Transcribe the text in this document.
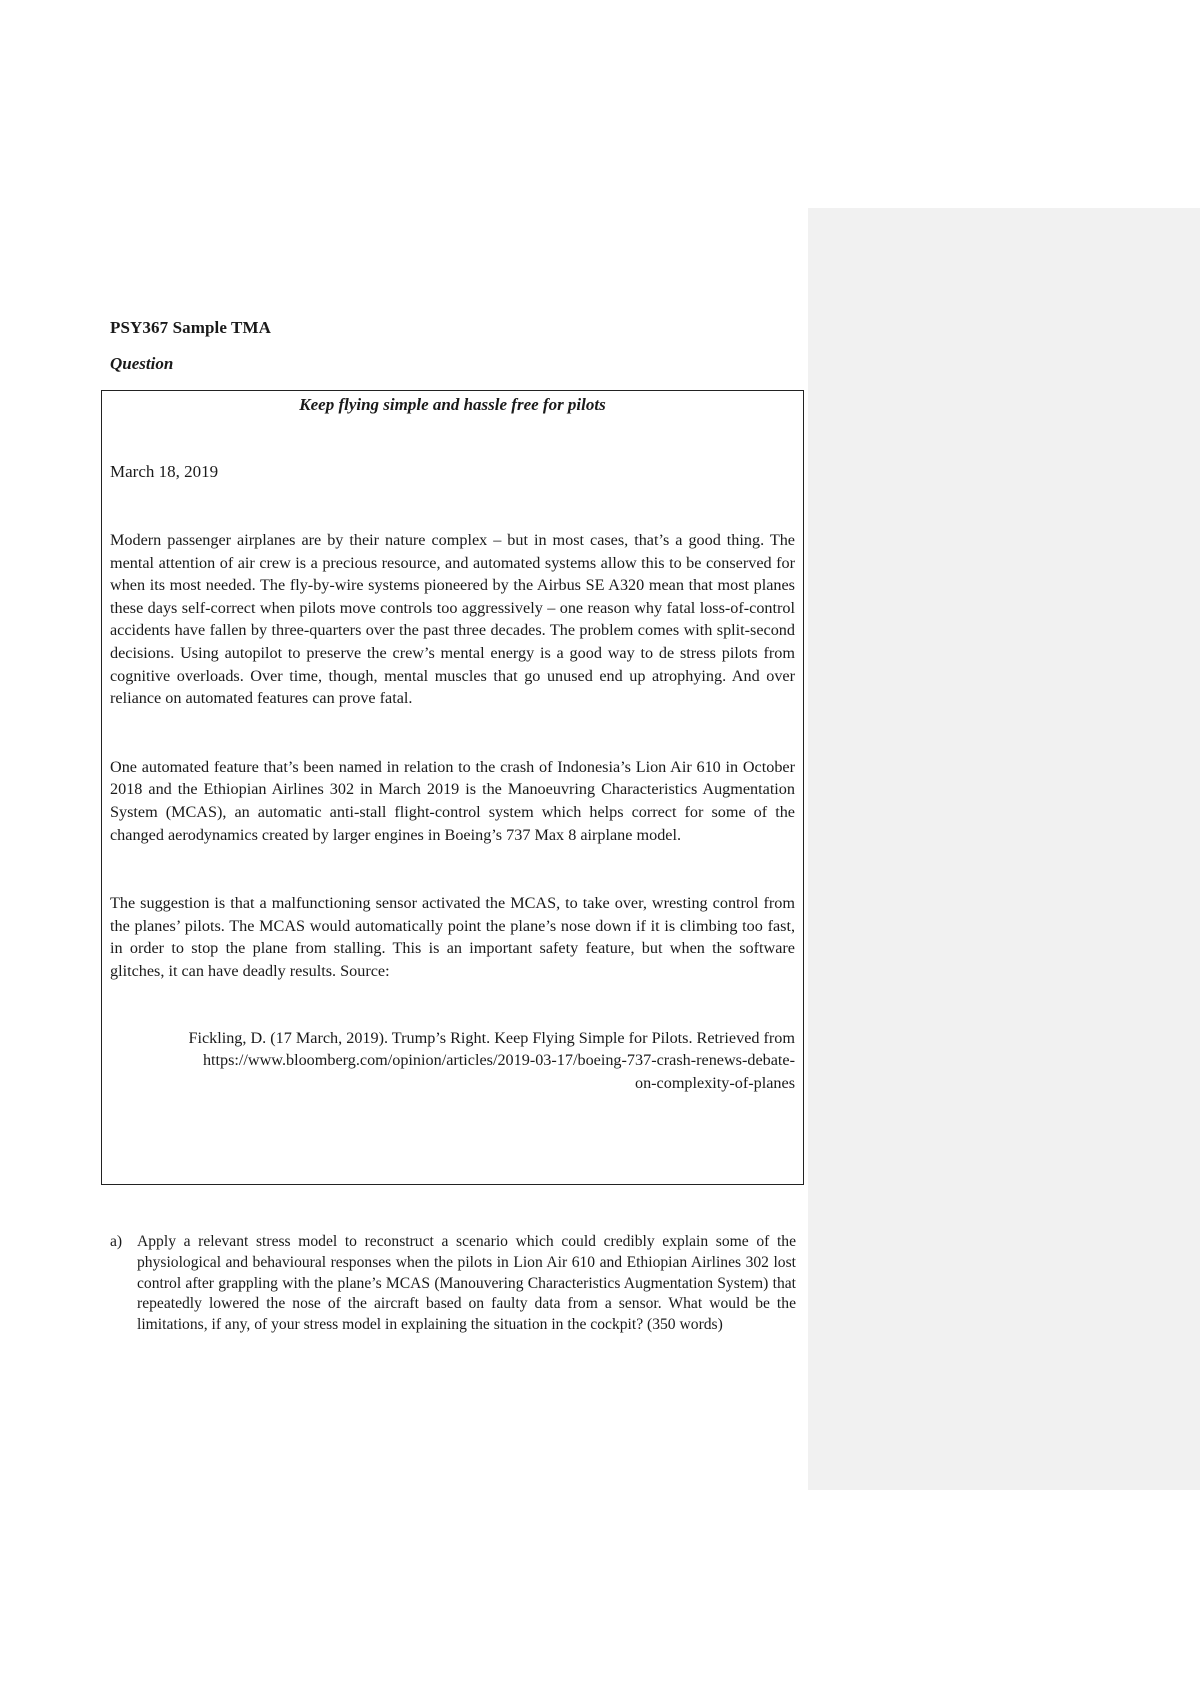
PSY367 Sample TMA
Question
Keep flying simple and hassle free for pilots
March 18, 2019

Modern passenger airplanes are by their nature complex – but in most cases, that’s a good thing. The mental attention of air crew is a precious resource, and automated systems allow this to be conserved for when its most needed. The fly-by-wire systems pioneered by the Airbus SE A320 mean that most planes these days self-correct when pilots move controls too aggressively – one reason why fatal loss-of-control accidents have fallen by three-quarters over the past three decades. The problem comes with split-second decisions. Using autopilot to preserve the crew’s mental energy is a good way to de stress pilots from cognitive overloads. Over time, though, mental muscles that go unused end up atrophying. And over reliance on automated features can prove fatal.

One automated feature that’s been named in relation to the crash of Indonesia’s Lion Air 610 in October 2018 and the Ethiopian Airlines 302 in March 2019 is the Manoeuvring Characteristics Augmentation System (MCAS), an automatic anti-stall flight-control system which helps correct for some of the changed aerodynamics created by larger engines in Boeing’s 737 Max 8 airplane model.

The suggestion is that a malfunctioning sensor activated the MCAS, to take over, wresting control from the planes’ pilots. The MCAS would automatically point the plane’s nose down if it is climbing too fast, in order to stop the plane from stalling. This is an important safety feature, but when the software glitches, it can have deadly results. Source:

Fickling, D. (17 March, 2019). Trump’s Right. Keep Flying Simple for Pilots. Retrieved from
https://www.bloomberg.com/opinion/articles/2019-03-17/boeing-737-crash-renews-debate-
on-complexity-of-planes
a) Apply a relevant stress model to reconstruct a scenario which could credibly explain some of the physiological and behavioural responses when the pilots in Lion Air 610 and Ethiopian Airlines 302 lost control after grappling with the plane’s MCAS (Manouvering Characteristics Augmentation System) that repeatedly lowered the nose of the aircraft based on faulty data from a sensor. What would be the limitations, if any, of your stress model in explaining the situation in the cockpit? (350 words)
